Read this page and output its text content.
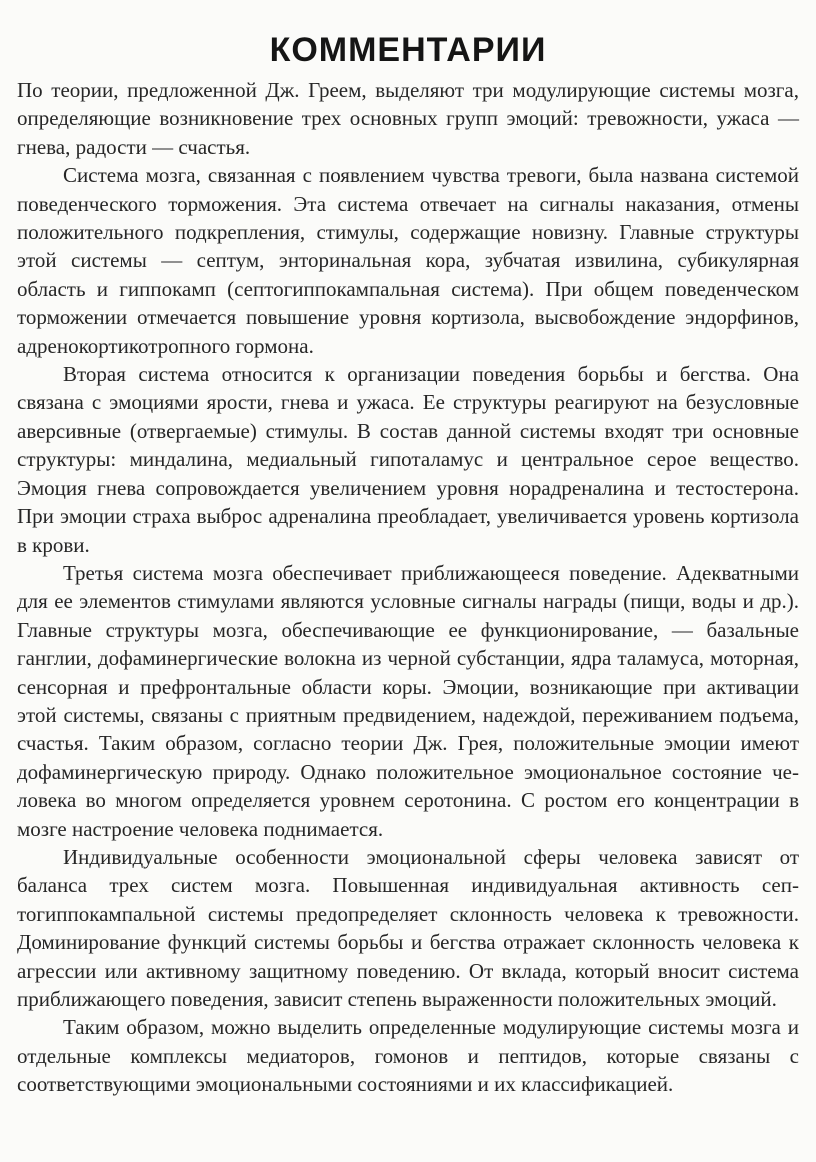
КОММЕНТАРИИ

По теории, предложенной Дж. Греем, выделяют три модулирующие системы мозга, определяющие возникновение трех основных групп эмоций: тревожности, ужаса — гнева, радости — счастья.

Система мозга, связанная с появлением чувства тревоги, была названа системой поведенческого торможения. Эта система отвечает на сигналы наказания, отмены положительного подкрепления, стимулы, содержащие новизну. Главные структуры этой системы — септум, энторинальная кора, зубчатая извилина, субикулярная область и гиппокамп (септогиппокампальная система). При общем поведенческом торможении отмечается повышение уровня кортизола, высвобождение эндорфинов, адренокортикотропного гормона.

Вторая система относится к организации поведения борьбы и бегства. Она связана с эмоциями ярости, гнева и ужаса. Ее структуры реагируют на безусловные аверсивные (отвергаемые) стимулы. В состав данной системы входят три основные структуры: миндалина, медиальный гипоталамус и центральное серое вещество. Эмоция гнева сопровождается увеличением уровня норадреналина и тестостерона. При эмоции страха выброс адреналина преобладает, увеличивается уровень кортизола в крови.

Третья система мозга обеспечивает приближающееся поведение. Адекватными для ее элементов стимулами являются условные сигналы награды (пищи, воды и др.). Главные структуры мозга, обеспечивающие ее функционирование, — базальные ганглии, дофаминергические волокна из черной субстанции, ядра таламуса, моторная, сенсорная и префронтальные области коры. Эмоции, возникающие при активации этой системы, связаны с приятным предвидением, надеждой, переживанием подъема, счастья. Таким образом, согласно теории Дж. Грея, положительные эмоции имеют дофаминергическую природу. Однако положительное эмоциональное состояние человека во многом определяется уровнем серотонина. С ростом его концентрации в мозге настроение человека поднимается.

Индивидуальные особенности эмоциональной сферы человека зависят от баланса трех систем мозга. Повышенная индивидуальная активность септогиппокампальной системы предопределяет склонность человека к тревожности. Доминирование функций системы борьбы и бегства отражает склонность человека к агрессии или активному защитному поведению. От вклада, который вносит система приближающего поведения, зависит степень выраженности положительных эмоций.

Таким образом, можно выделить определенные модулирующие системы мозга и отдельные комплексы медиаторов, гомонов и пептидов, которые связаны с соответствующими эмоциональными состояниями и их классификацией.
